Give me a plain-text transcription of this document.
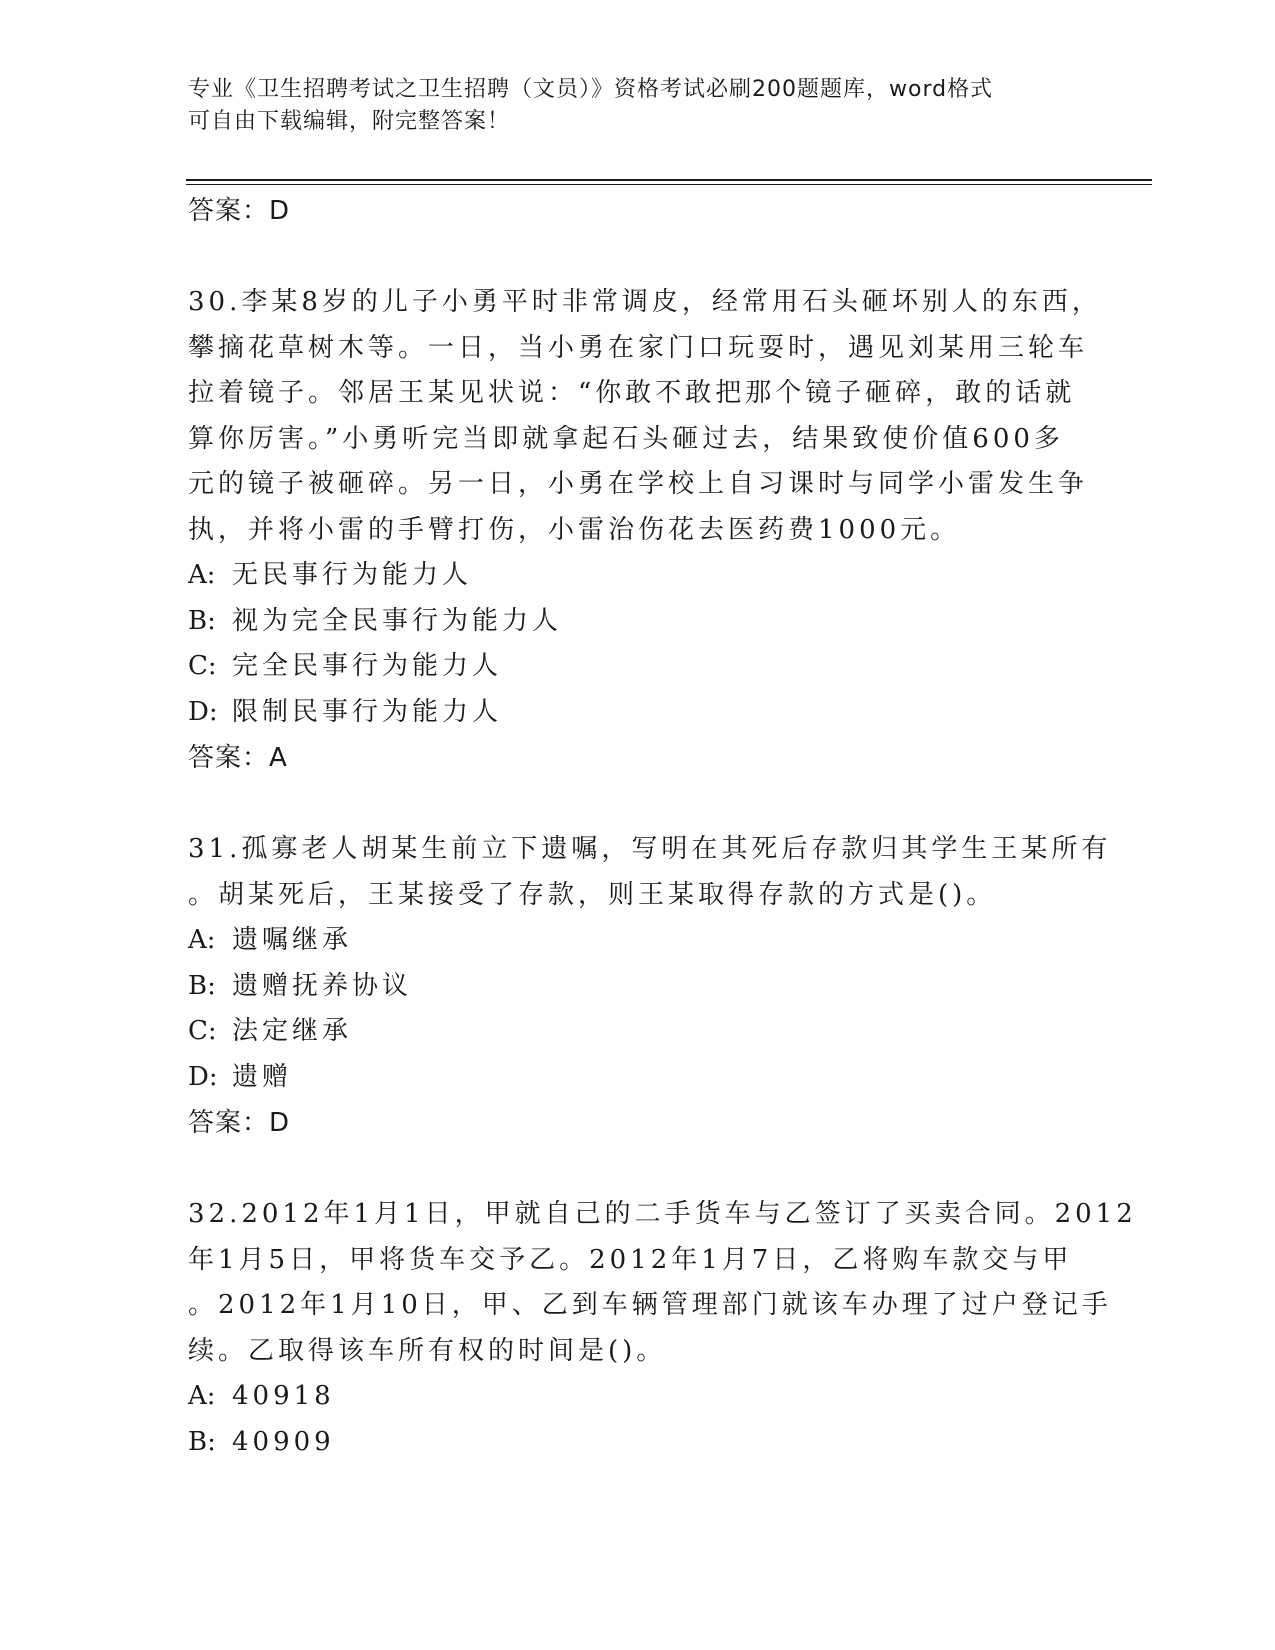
专业《卫生招聘考试之卫生招聘（文员）》资格考试必刷200题题库，word格式
可自由下载编辑，附完整答案！
答案：D
30.李某8岁的儿子小勇平时非常调皮，经常用石头砸坏别人的东西，
攀摘花草树木等。一日，当小勇在家门口玩耍时，遇见刘某用三轮车
拉着镜子。邻居王某见状说：“你敢不敢把那个镜子砸碎，敢的话就
算你厉害。”小勇听完当即就拿起石头砸过去，结果致使价值600多
元的镜子被砸碎。另一日，小勇在学校上自习课时与同学小雷发生争
执，并将小雷的手臂打伤，小雷治伤花去医药费1000元。
A: 无民事行为能力人
B: 视为完全民事行为能力人
C: 完全民事行为能力人
D: 限制民事行为能力人
答案：A
31.孤寡老人胡某生前立下遗嘱，写明在其死后存款归其学生王某所有
。胡某死后，王某接受了存款，则王某取得存款的方式是()。
A: 遗嘱继承
B: 遗赠抚养协议
C: 法定继承
D: 遗赠
答案：D
32.2012年1月1日，甲就自己的二手货车与乙签订了买卖合同。2012
年1月5日，甲将货车交予乙。2012年1月7日，乙将购车款交与甲
。2012年1月10日，甲、乙到车辆管理部门就该车办理了过户登记手
续。乙取得该车所有权的时间是()。
A: 40918
B: 40909
